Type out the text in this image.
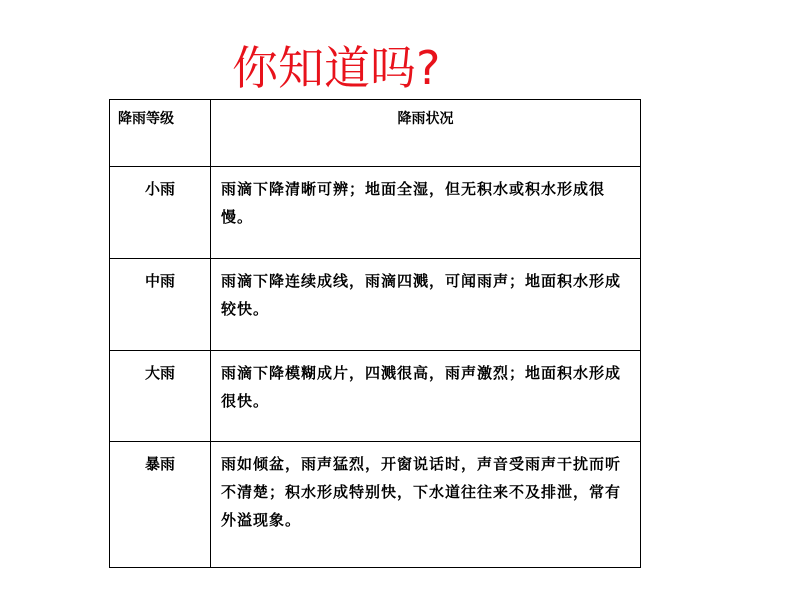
你知道吗?
降雨等级	降雨状况
小雨	雨滴下降清晰可辨；地面全湿，但无积水或积水形成很慢。
中雨	雨滴下降连续成线，雨滴四溅，可闻雨声；地面积水形成较快。
大雨	雨滴下降模糊成片，四溅很高，雨声激烈；地面积水形成很快。
暴雨	雨如倾盆，雨声猛烈，开窗说话时，声音受雨声干扰而听不清楚；积水形成特别快，下水道往往来不及排泄，常有外溢现象。
